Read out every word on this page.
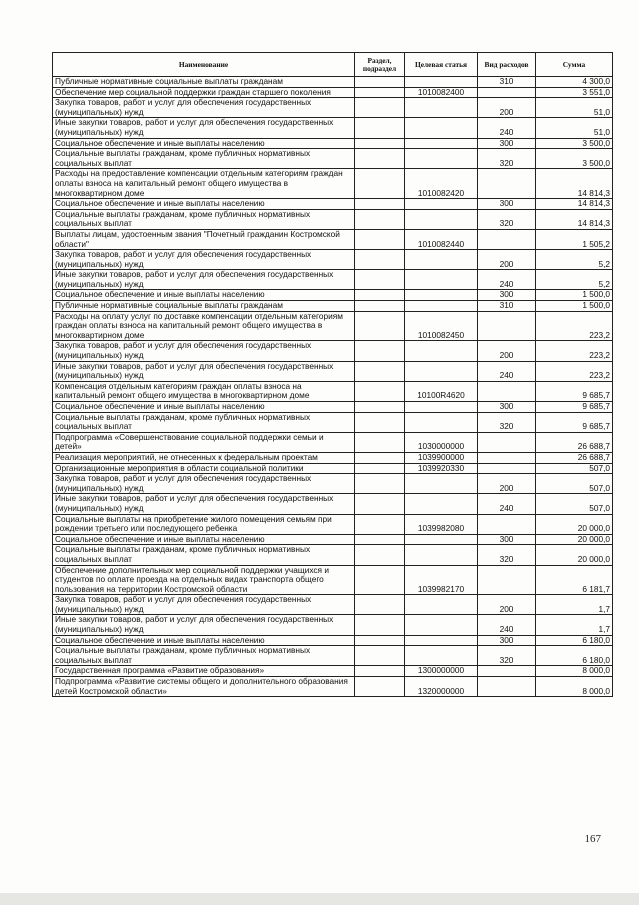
Наименование	Раздел, подраздел	Целевая статья	Вид расходов	Сумма
Публичные нормативные социальные выплаты гражданам			310	4 300,0
Обеспечение мер социальной поддержки граждан старшего поколения		1010082400		3 551,0
Закупка товаров, работ и услуг для обеспечения государственных (муниципальных) нужд			200	51,0
Иные закупки товаров, работ и услуг для обеспечения государственных (муниципальных) нужд			240	51,0
Социальное обеспечение и иные выплаты населению			300	3 500,0
Социальные выплаты гражданам, кроме публичных нормативных социальных выплат			320	3 500,0
Расходы на предоставление компенсации отдельным категориям граждан оплаты взноса на капитальный ремонт общего имущества в многоквартирном доме		1010082420		14 814,3
Социальное обеспечение и иные выплаты населению			300	14 814,3
Социальные выплаты гражданам, кроме публичных нормативных социальных выплат			320	14 814,3
Выплаты лицам, удостоенным звания "Почетный гражданин Костромской области"		1010082440		1 505,2
Закупка товаров, работ и услуг для обеспечения государственных (муниципальных) нужд			200	5,2
Иные закупки товаров, работ и услуг для обеспечения государственных (муниципальных) нужд			240	5,2
Социальное обеспечение и иные выплаты населению			300	1 500,0
Публичные нормативные социальные выплаты гражданам			310	1 500,0
Расходы на оплату услуг по доставке компенсации отдельным категориям граждан оплаты взноса на капитальный ремонт общего имущества в многоквартирном доме		1010082450		223,2
Закупка товаров, работ и услуг для обеспечения государственных (муниципальных) нужд			200	223,2
Иные закупки товаров, работ и услуг для обеспечения государственных (муниципальных) нужд			240	223,2
Компенсация отдельным категориям граждан оплаты взноса на капитальный ремонт общего имущества в многоквартирном доме		10100R4620		9 685,7
Социальное обеспечение и иные выплаты населению			300	9 685,7
Социальные выплаты гражданам, кроме публичных нормативных социальных выплат			320	9 685,7
Подпрограмма «Совершенствование социальной поддержки семьи и детей»		1030000000		26 688,7
Реализация мероприятий, не отнесенных к федеральным проектам		1039900000		26 688,7
Организационные мероприятия в области социальной политики		1039920330		507,0
Закупка товаров, работ и услуг для обеспечения государственных (муниципальных) нужд			200	507,0
Иные закупки товаров, работ и услуг для обеспечения государственных (муниципальных) нужд			240	507,0
Социальные выплаты на приобретение жилого помещения семьям при рождении третьего или последующего ребенка		1039982080		20 000,0
Социальное обеспечение и иные выплаты населению			300	20 000,0
Социальные выплаты гражданам, кроме публичных нормативных социальных выплат			320	20 000,0
Обеспечение дополнительных мер социальной поддержки учащихся и студентов по оплате проезда на отдельных видах транспорта общего пользования на территории Костромской области		1039982170		6 181,7
Закупка товаров, работ и услуг для обеспечения государственных (муниципальных) нужд			200	1,7
Иные закупки товаров, работ и услуг для обеспечения государственных (муниципальных) нужд			240	1,7
Социальное обеспечение и иные выплаты населению			300	6 180,0
Социальные выплаты гражданам, кроме публичных нормативных социальных выплат			320	6 180,0
Государственная программа «Развитие образования»		1300000000		8 000,0
Подпрограмма «Развитие системы общего и дополнительного образования детей Костромской области»		1320000000		8 000,0
167
